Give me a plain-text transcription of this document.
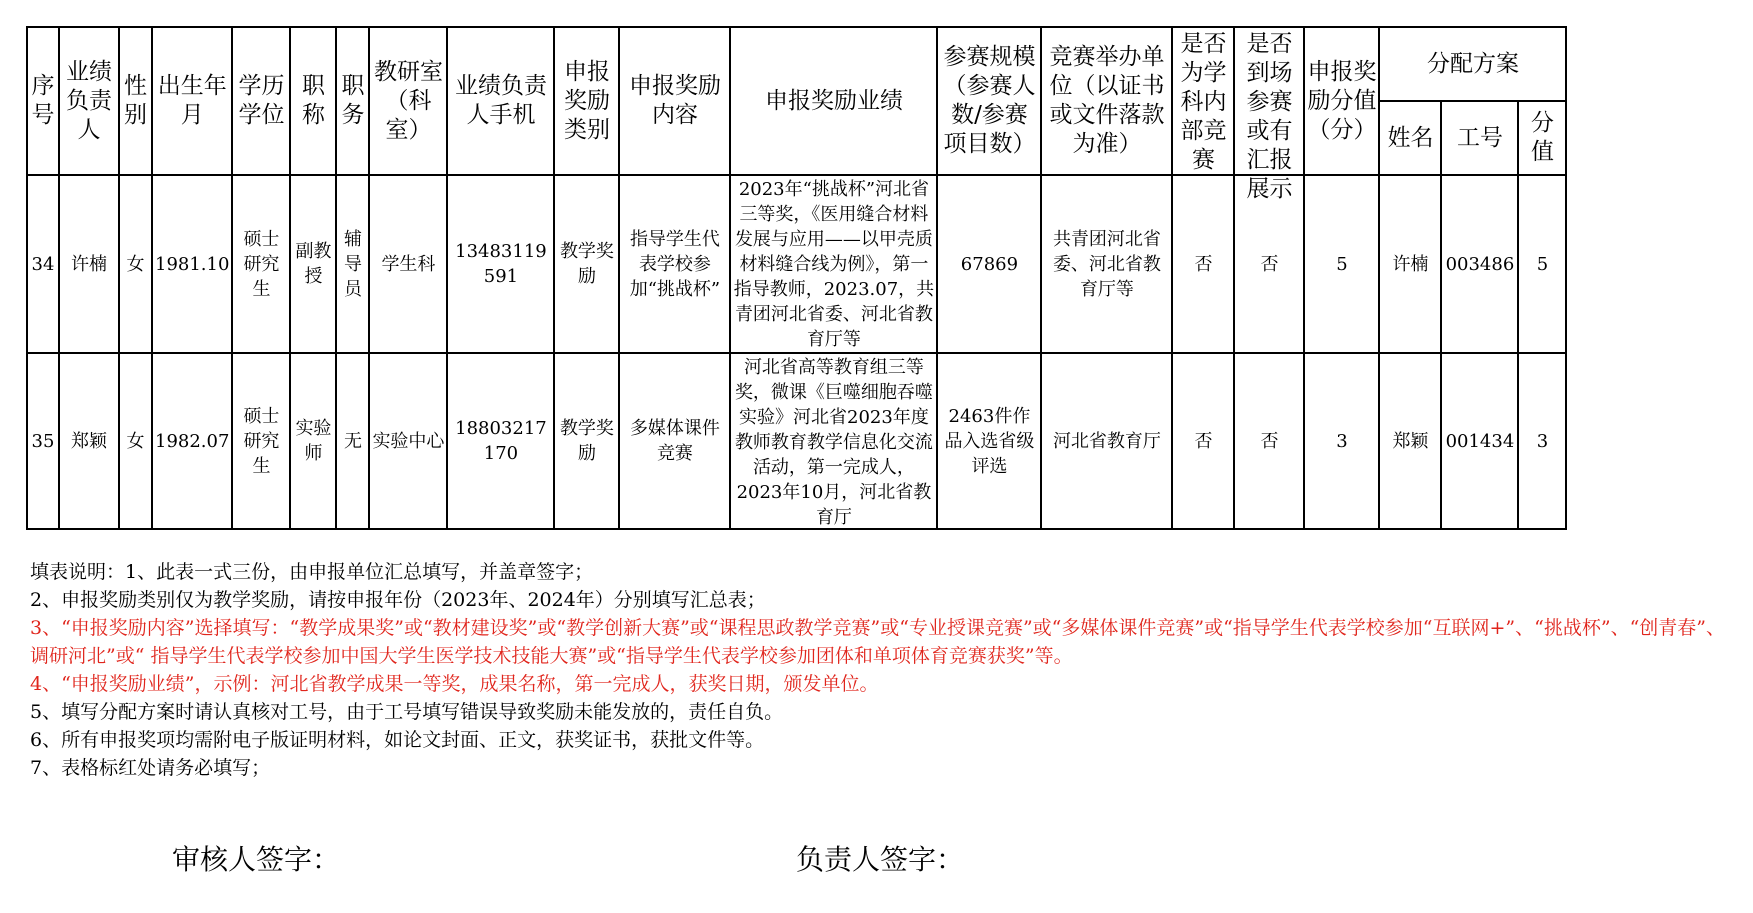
序号	业绩负责人	性别	出生年月	学历学位	职称	职务	教研室（科室）	业绩负责人手机	申报奖励类别	申报奖励内容	申报奖励业绩	参赛规模（参赛人数/参赛项目数）	竞赛举办单位（以证书或文件落款为准）	是否为学科内部竞赛	是否到场参赛或有汇报展示	申报奖励分值（分）	分配方案		
																	姓名	工号	分值
34	许楠	女	1981.10	硕士研究生	副教授	辅导员	学生科	13483119591	教学奖励	指导学生代表学校参加“挑战杯”	2023年“挑战杯”河北省三等奖，《医用缝合材料发展与应用——以甲壳质材料缝合线为例》，第一指导教师，2023.07，共青团河北省委、河北省教育厅等	67869	共青团河北省委、河北省教育厅等	否	否	5	许楠	003486	5
35	郑颖	女	1982.07	硕士研究生	实验师	无	实验中心	18803217170	教学奖励	多媒体课件竞赛	河北省高等教育组三等奖，微课《巨噬细胞吞噬实验》河北省2023年度教师教育教学信息化交流活动，第一完成人，2023年10月，河北省教育厅	2463件作品入选省级评选	河北省教育厅	否	否	3	郑颖	001434	3

填表说明：1、此表一式三份，由申报单位汇总填写，并盖章签字；

2、申报奖励类别仅为教学奖励，请按申报年份（2023年、2024年）分别填写汇总表；

3、“申报奖励内容”选择填写：“教学成果奖”或“教材建设奖”或“教学创新大赛”或“课程思政教学竞赛”或“专业授课竞赛”或“多媒体课件竞赛”或“指导学生代表学校参加“互联网+”、“挑战杯”、“创青春”、调研河北”或“ 指导学生代表学校参加中国大学生医学技术技能大赛”或“指导学生代表学校参加团体和单项体育竞赛获奖”等。

4、“申报奖励业绩”，示例：河北省教学成果一等奖，成果名称，第一完成人，获奖日期，颁发单位。

5、填写分配方案时请认真核对工号，由于工号填写错误导致奖励未能发放的，责任自负。

6、所有申报奖项均需附电子版证明材料，如论文封面、正文，获奖证书，获批文件等。

7、表格标红处请务必填写；

审核人签字：	负责人签字：
